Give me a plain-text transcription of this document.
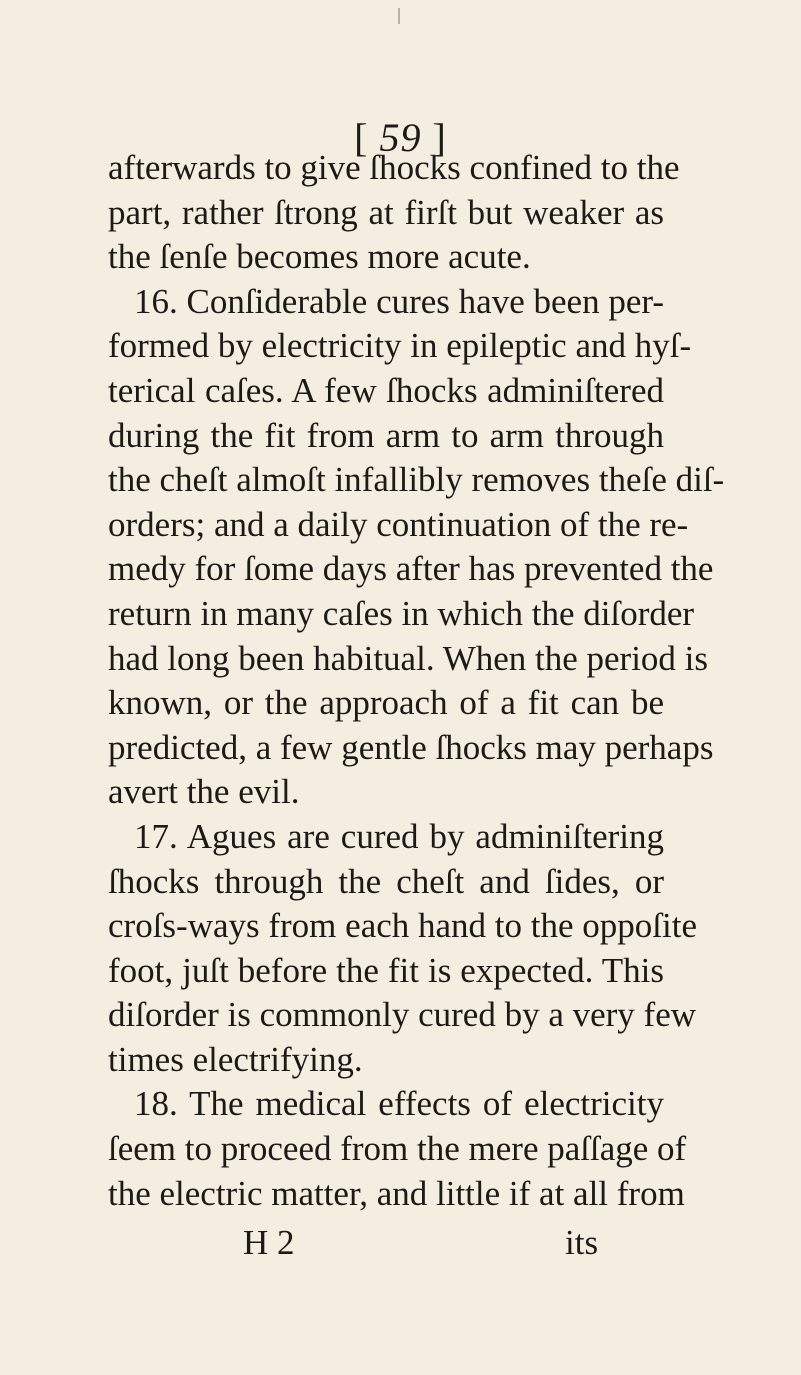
[ 59 ]
afterwards to give ſhocks confined to the
part, rather ſtrong at firſt but weaker as
the ſenſe becomes more acute.
16. Conſiderable cures have been per-
formed by electricity in epileptic and hyſ-
terical caſes. A few ſhocks adminiſtered
during the fit from arm to arm through
the cheſt almoſt infallibly removes theſe diſ-
orders; and a daily continuation of the re-
medy for ſome days after has prevented the
return in many caſes in which the diſorder
had long been habitual. When the period is
known, or the approach of a fit can be
predicted, a few gentle ſhocks may perhaps
avert the evil.
17. Agues are cured by adminiſtering
ſhocks through the cheſt and ſides, or
croſs-ways from each hand to the oppoſite
foot, juſt before the fit is expected. This
diſorder is commonly cured by a very few
times electrifying.
18. The medical effects of electricity
ſeem to proceed from the mere paſſage of
the electric matter, and little if at all from
H 2	its
